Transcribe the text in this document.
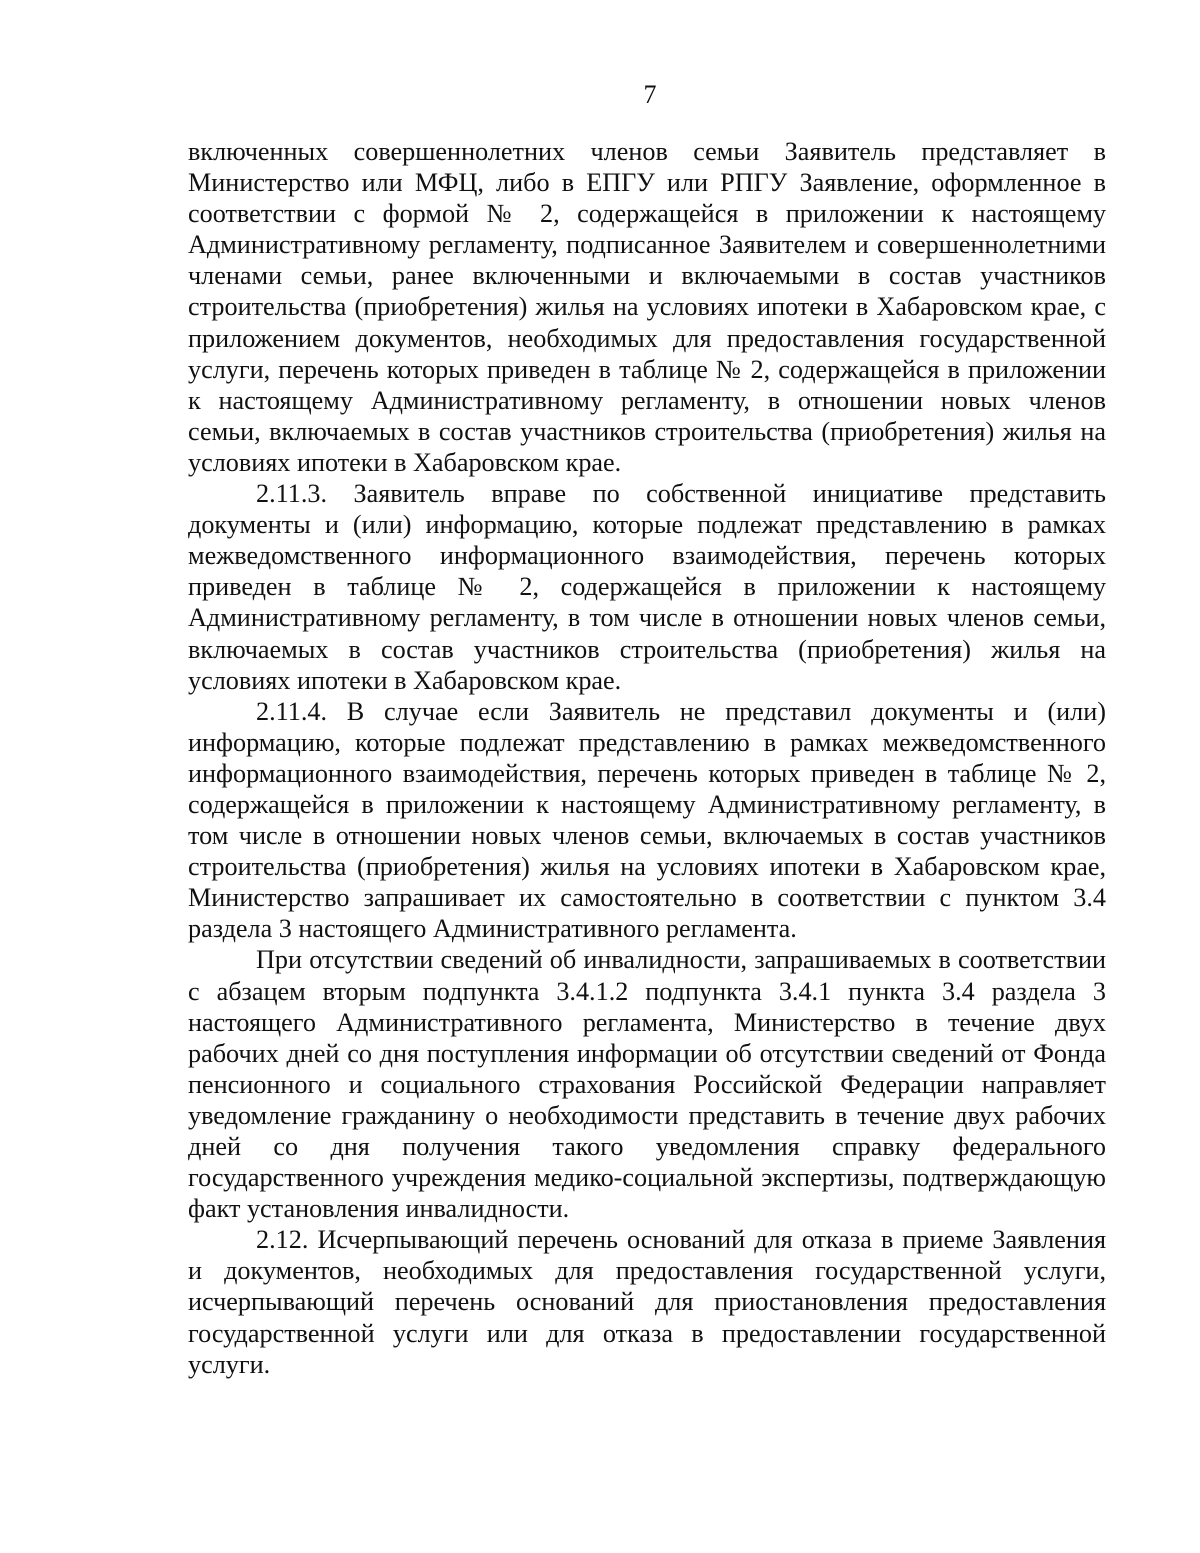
7

включенных совершеннолетних членов семьи Заявитель представляет в Министерство или МФЦ, либо в ЕПГУ или РПГУ Заявление, оформленное в соответствии с формой № 2, содержащейся в приложении к настоящему Административному регламенту, подписанное Заявителем и совершеннолетними членами семьи, ранее включенными и включаемыми в состав участников строительства (приобретения) жилья на условиях ипотеки в Хабаровском крае, с приложением документов, необходимых для предоставления государственной услуги, перечень которых приведен в таблице № 2, содержащейся в приложении к настоящему Административному регламенту, в отношении новых членов семьи, включаемых в состав участников строительства (приобретения) жилья на условиях ипотеки в Хабаровском крае.

2.11.3. Заявитель вправе по собственной инициативе представить документы и (или) информацию, которые подлежат представлению в рамках межведомственного информационного взаимодействия, перечень которых приведен в таблице № 2, содержащейся в приложении к настоящему Административному регламенту, в том числе в отношении новых членов семьи, включаемых в состав участников строительства (приобретения) жилья на условиях ипотеки в Хабаровском крае.

2.11.4. В случае если Заявитель не представил документы и (или) информацию, которые подлежат представлению в рамках межведомственного информационного взаимодействия, перечень которых приведен в таблице № 2, содержащейся в приложении к настоящему Административному регламенту, в том числе в отношении новых членов семьи, включаемых в состав участников строительства (приобретения) жилья на условиях ипотеки в Хабаровском крае, Министерство запрашивает их самостоятельно в соответствии с пунктом 3.4 раздела 3 настоящего Административного регламента.

При отсутствии сведений об инвалидности, запрашиваемых в соответствии с абзацем вторым подпункта 3.4.1.2 подпункта 3.4.1 пункта 3.4 раздела 3 настоящего Административного регламента, Министерство в течение двух рабочих дней со дня поступления информации об отсутствии сведений от Фонда пенсионного и социального страхования Российской Федерации направляет уведомление гражданину о необходимости представить в течение двух рабочих дней со дня получения такого уведомления справку федерального государственного учреждения медико-социальной экспертизы, подтверждающую факт установления инвалидности.

2.12. Исчерпывающий перечень оснований для отказа в приеме Заявления и документов, необходимых для предоставления государственной услуги, исчерпывающий перечень оснований для приостановления предоставления государственной услуги или для отказа в предоставлении государственной услуги.
